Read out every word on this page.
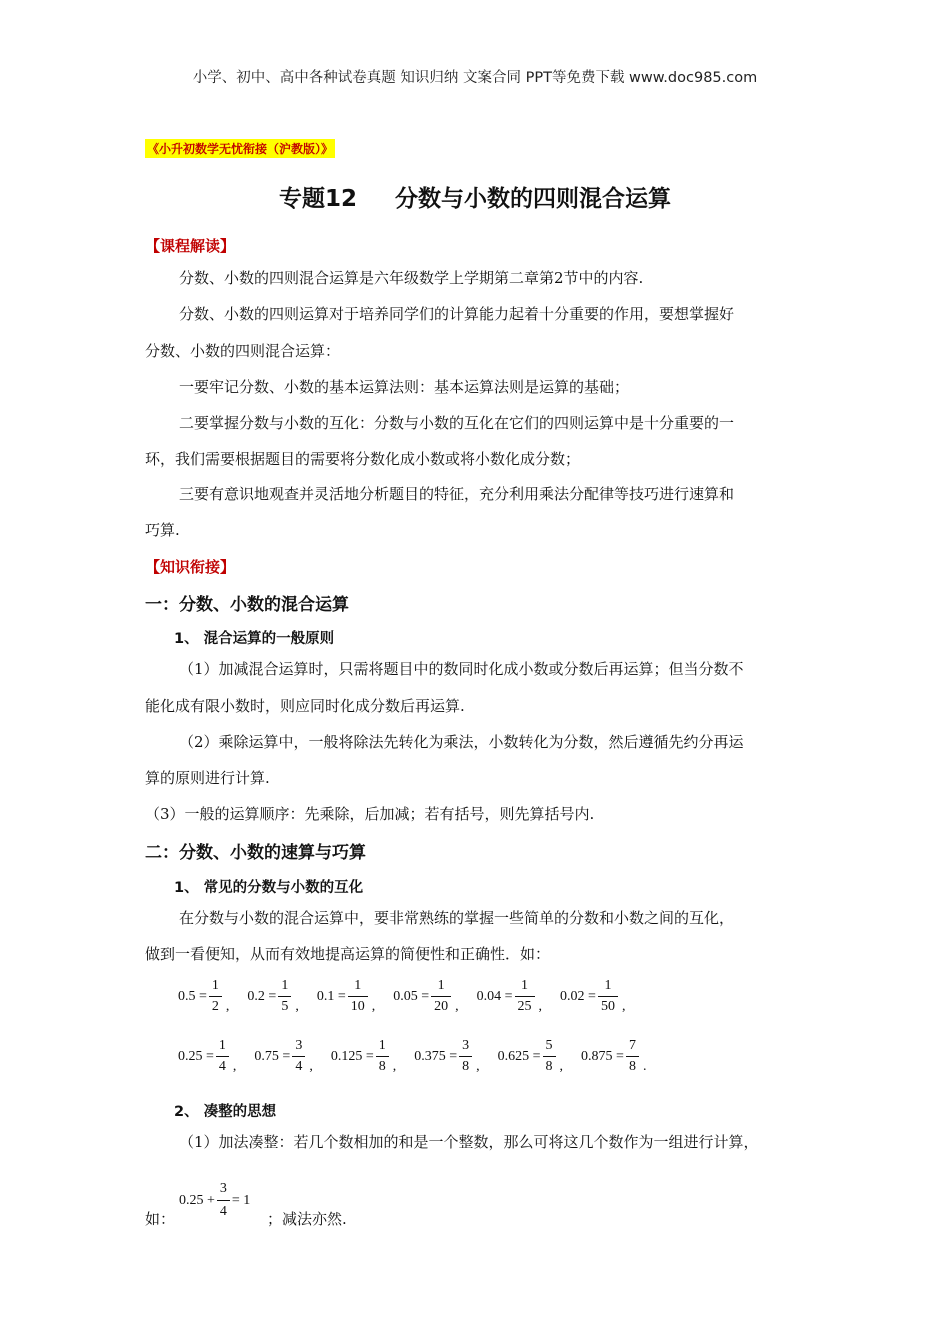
小学、初中、高中各种试卷真题 知识归纳 文案合同 PPT等免费下载 www.doc985.com
《小升初数学无忧衔接（沪教版）》
专题12 分数与小数的四则混合运算
【课程解读】
分数、小数的四则混合运算是六年级数学上学期第二章第2节中的内容.
分数、小数的四则运算对于培养同学们的计算能力起着十分重要的作用，要想掌握好
分数、小数的四则混合运算：
一要牢记分数、小数的基本运算法则：基本运算法则是运算的基础；
二要掌握分数与小数的互化：分数与小数的互化在它们的四则运算中是十分重要的一
环，我们需要根据题目的需要将分数化成小数或将小数化成分数；
三要有意识地观查并灵活地分析题目的特征，充分利用乘法分配律等技巧进行速算和
巧算.
【知识衔接】
一：分数、小数的混合运算
1、 混合运算的一般原则
（1）加减混合运算时，只需将题目中的数同时化成小数或分数后再运算；但当分数不
能化成有限小数时，则应同时化成分数后再运算.
（2）乘除运算中，一般将除法先转化为乘法，小数转化为分数，然后遵循先约分再运
算的原则进行计算.
（3）一般的运算顺序：先乘除，后加减；若有括号，则先算括号内.
二：分数、小数的速算与巧算
1、 常见的分数与小数的互化
在分数与小数的混合运算中，要非常熟练的掌握一些简单的分数和小数之间的互化，
做到一看便知，从而有效地提高运算的简便性和正确性．如：
$0.5 = \frac{1}{2}$ ,
$0.2 = \frac{1}{5}$ ,
$0.1 = \frac{1}{10}$ ,
$0.05 = \frac{1}{20}$ ,
$0.04 = \frac{1}{25}$ ,
$0.02 = \frac{1}{50}$ ,
$0.25 = \frac{1}{4}$ ,
$0.75 = \frac{3}{4}$ ,
$0.125 = \frac{1}{8}$ ,
$0.375 = \frac{3}{8}$ ,
$0.625 = \frac{5}{8}$ ,
$0.875 = \frac{7}{8}$ .
2、 凑整的思想
（1）加法凑整：若几个数相加的和是一个整数，那么可将这几个数作为一组进行计算，
如：
$0.25 + \frac{3}{4} = 1$
；减法亦然.
